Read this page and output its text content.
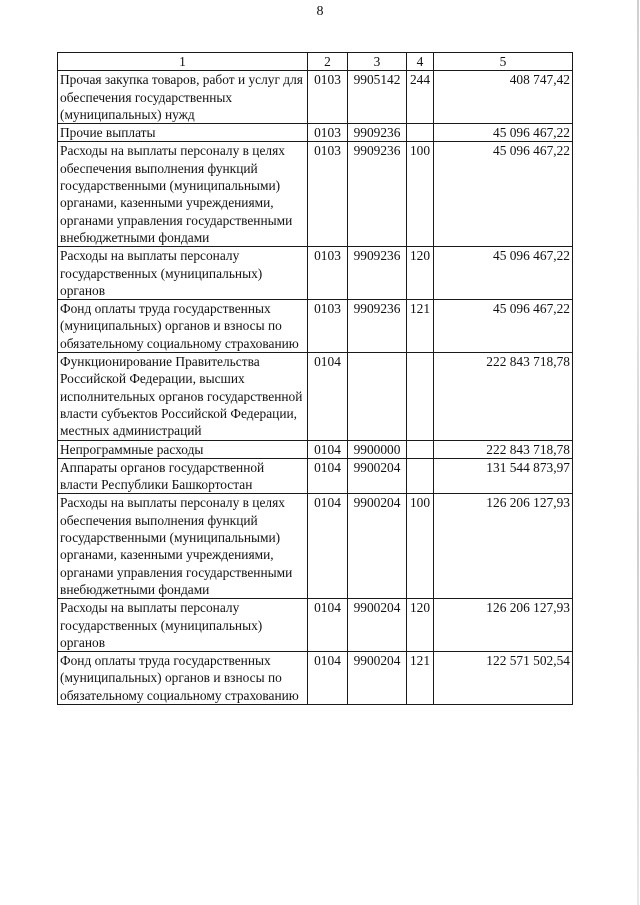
8
1	2	3	4	5
Прочая закупка товаров, работ и услуг для обеспечения государственных (муниципальных) нужд	0103	9905142	244	408 747,42
Прочие выплаты	0103	9909236		45 096 467,22
Расходы на выплаты персоналу в целях обеспечения выполнения функций государственными (муниципальными) органами, казенными учреждениями, органами управления государственными внебюджетными фондами	0103	9909236	100	45 096 467,22
Расходы на выплаты персоналу государственных (муниципальных) органов	0103	9909236	120	45 096 467,22
Фонд оплаты труда государственных (муниципальных) органов и взносы по обязательному социальному страхованию	0103	9909236	121	45 096 467,22
Функционирование Правительства Российской Федерации, высших исполнительных органов государственной власти субъектов Российской Федерации, местных администраций	0104			222 843 718,78
Непрограммные расходы	0104	9900000		222 843 718,78
Аппараты органов государственной власти Республики Башкортостан	0104	9900204		131 544 873,97
Расходы на выплаты персоналу в целях обеспечения выполнения функций государственными (муниципальными) органами, казенными учреждениями, органами управления государственными внебюджетными фондами	0104	9900204	100	126 206 127,93
Расходы на выплаты персоналу государственных (муниципальных) органов	0104	9900204	120	126 206 127,93
Фонд оплаты труда государственных (муниципальных) органов и взносы по обязательному социальному страхованию	0104	9900204	121	122 571 502,54
